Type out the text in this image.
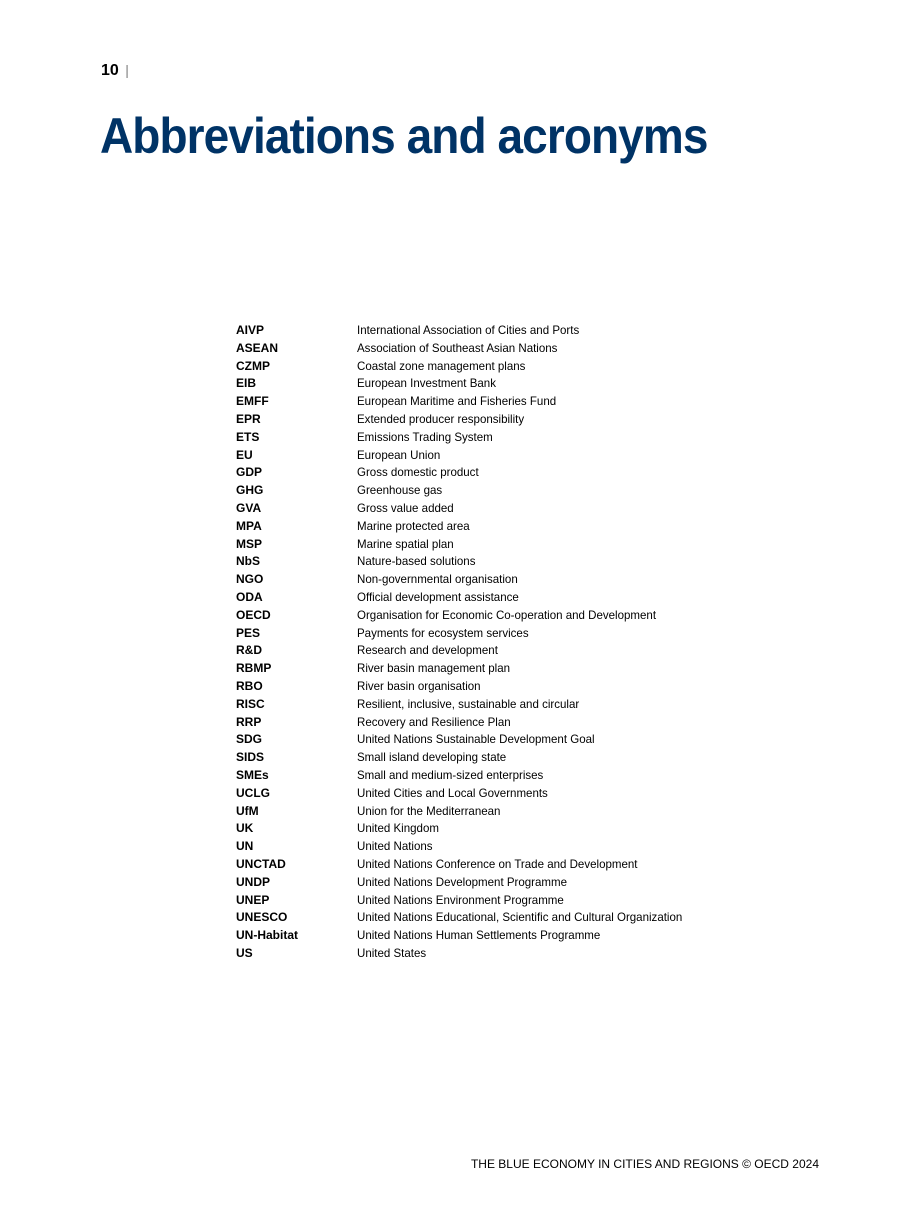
10 |
Abbreviations and acronyms
AIVP	International Association of Cities and Ports
ASEAN	Association of Southeast Asian Nations
CZMP	Coastal zone management plans
EIB	European Investment Bank
EMFF	European Maritime and Fisheries Fund
EPR	Extended producer responsibility
ETS	Emissions Trading System
EU	European Union
GDP	Gross domestic product
GHG	Greenhouse gas
GVA	Gross value added
MPA	Marine protected area
MSP	Marine spatial plan
NbS	Nature-based solutions
NGO	Non-governmental organisation
ODA	Official development assistance
OECD	Organisation for Economic Co-operation and Development
PES	Payments for ecosystem services
R&D	Research and development
RBMP	River basin management plan
RBO	River basin organisation
RISC	Resilient, inclusive, sustainable and circular
RRP	Recovery and Resilience Plan
SDG	United Nations Sustainable Development Goal
SIDS	Small island developing state
SMEs	Small and medium-sized enterprises
UCLG	United Cities and Local Governments
UfM	Union for the Mediterranean
UK	United Kingdom
UN	United Nations
UNCTAD	United Nations Conference on Trade and Development
UNDP	United Nations Development Programme
UNEP	United Nations Environment Programme
UNESCO	United Nations Educational, Scientific and Cultural Organization
UN-Habitat	United Nations Human Settlements Programme
US	United States
THE BLUE ECONOMY IN CITIES AND REGIONS © OECD 2024
